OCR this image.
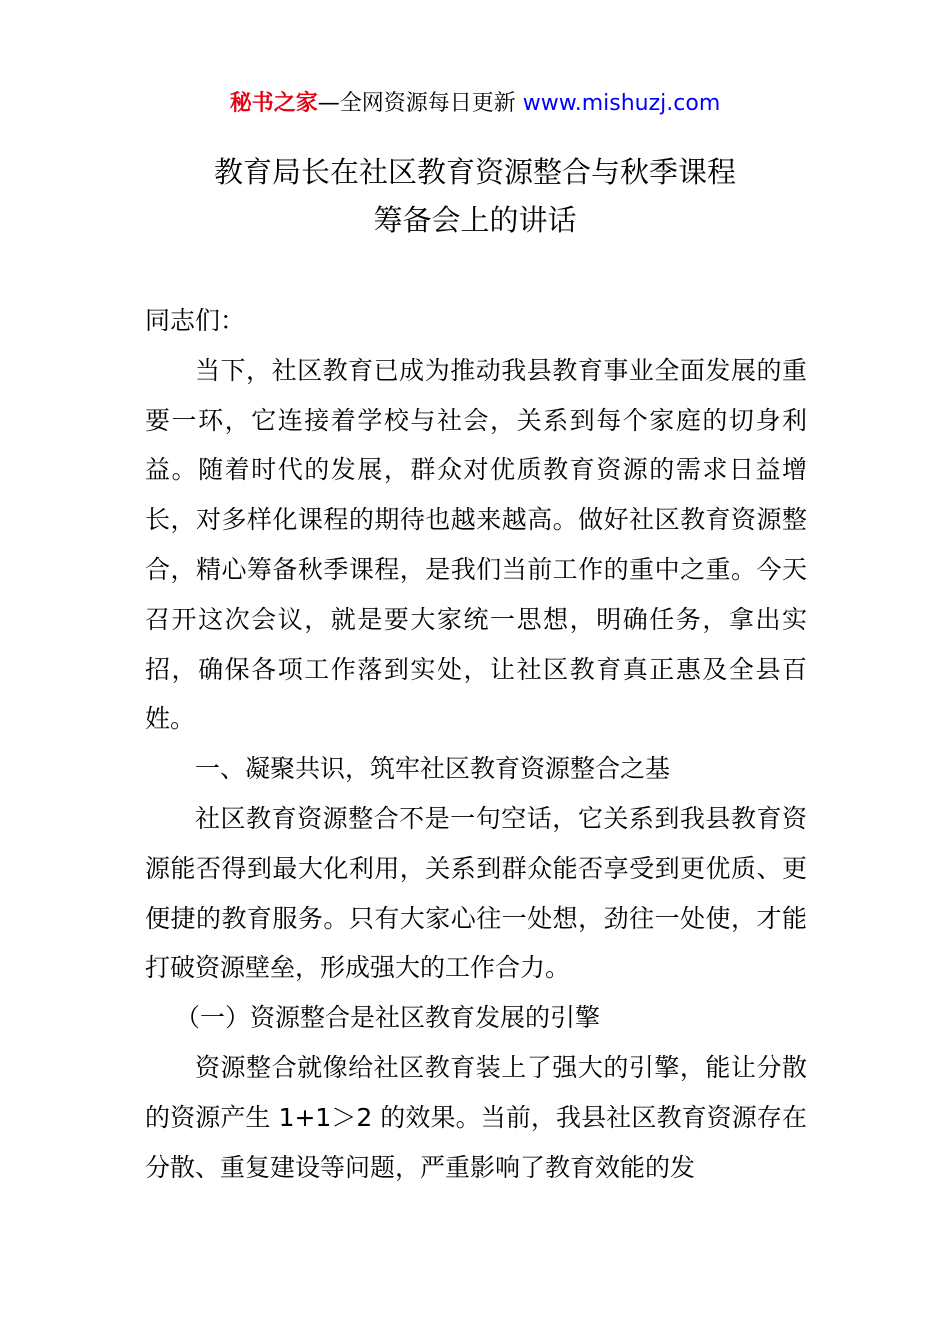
秘书之家—全网资源每日更新 www.mishuzj.com
教育局长在社区教育资源整合与秋季课程
筹备会上的讲话

同志们：

当下，社区教育已成为推动我县教育事业全面发展的重要一环，它连接着学校与社会，关系到每个家庭的切身利益。随着时代的发展，群众对优质教育资源的需求日益增长，对多样化课程的期待也越来越高。做好社区教育资源整合，精心筹备秋季课程，是我们当前工作的重中之重。今天召开这次会议，就是要大家统一思想，明确任务，拿出实招，确保各项工作落到实处，让社区教育真正惠及全县百姓。

一、凝聚共识，筑牢社区教育资源整合之基

社区教育资源整合不是一句空话，它关系到我县教育资源能否得到最大化利用，关系到群众能否享受到更优质、更便捷的教育服务。只有大家心往一处想，劲往一处使，才能打破资源壁垒，形成强大的工作合力。

（一）资源整合是社区教育发展的引擎

资源整合就像给社区教育装上了强大的引擎，能让分散的资源产生 1+1＞2 的效果。当前，我县社区教育资源存在分散、重复建设等问题，严重影响了教育效能的发
